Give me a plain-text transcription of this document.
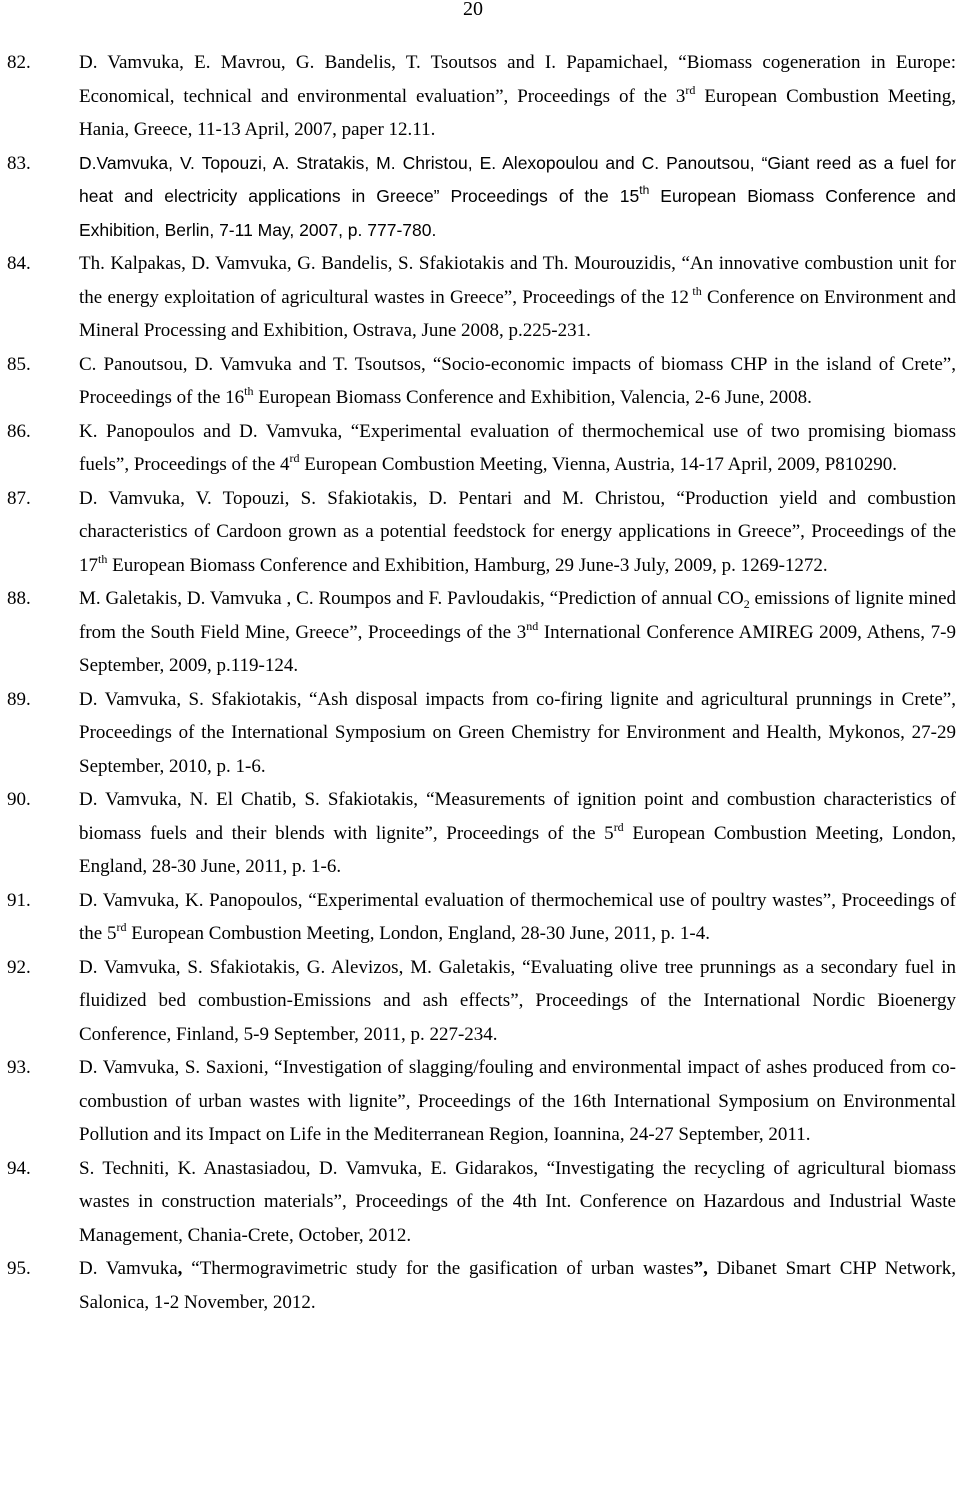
20
82.	D. Vamvuka, E. Mavrou, G. Bandelis, T. Tsoutsos and I. Papamichael, “Biomass cogeneration in Europe: Economical, technical and environmental evaluation”, Proceedings of the 3rd European Combustion Meeting, Hania, Greece, 11-13 April, 2007, paper 12.11.
83.	D.Vamvuka, V. Topouzi, A. Stratakis, M. Christou, E. Alexopoulou and C. Panoutsou, “Giant reed as a fuel for heat and electricity applications in Greece” Proceedings of the 15th European Biomass Conference and Exhibition, Berlin, 7-11 May, 2007, p. 777-780.
84.	Th. Kalpakas, D. Vamvuka, G. Bandelis, S. Sfakiotakis and Th. Mourouzidis, “An innovative combustion unit for the energy exploitation of agricultural wastes in Greece”, Proceedings of the 12 $^{th}$ Conference on Environment and Mineral Processing and Exhibition, Ostrava, June 2008, p.225-231.
85.	C. Panoutsou, D. Vamvuka and T. Tsoutsos, “Socio-economic impacts of biomass CHP in the island of Crete”, Proceedings of the 16th European Biomass Conference and Exhibition, Valencia, 2-6 June, 2008.
86.	K. Panopoulos and D. Vamvuka, “Experimental evaluation of thermochemical use of two promising biomass fuels”, Proceedings of the 4rd European Combustion Meeting, Vienna, Austria, 14-17 April, 2009, P810290.
87.	D. Vamvuka, V. Topouzi, S. Sfakiotakis, D. Pentari and M. Christou, “Production yield and combustion characteristics of Cardoon grown as a potential feedstock for energy applications in Greece”, Proceedings of the 17th European Biomass Conference and Exhibition, Hamburg, 29 June-3 July, 2009, p. 1269-1272.
88.	M. Galetakis, D. Vamvuka , C. Roumpos and F. Pavloudakis, “Prediction of annual $CO_2$ emissions of lignite mined from the South Field Mine, Greece”, Proceedings of the 3nd International Conference AMIREG 2009, Athens, 7-9 September, 2009, p.119-124.
89.	D. Vamvuka, S. Sfakiotakis, “Ash disposal impacts from co-firing lignite and agricultural prunnings in Crete”, Proceedings of the International Symposium on Green Chemistry for Environment and Health, Mykonos, 27-29 September, 2010, p. 1-6.
90.	D. Vamvuka, N. El Chatib, S. Sfakiotakis, “Measurements of ignition point and combustion characteristics of biomass fuels and their blends with lignite”, Proceedings of the 5rd European Combustion Meeting, London, England, 28-30 June, 2011, p. 1-6.
91.	D. Vamvuka, K. Panopoulos, “Experimental evaluation of thermochemical use of poultry wastes”, Proceedings of the 5rd European Combustion Meeting, London, England, 28-30 June, 2011, p. 1-4.
92.	D. Vamvuka, S. Sfakiotakis, G. Alevizos, M. Galetakis, “Evaluating olive tree prunnings as a secondary fuel in fluidized bed combustion-Emissions and ash effects”, Proceedings of the International Nordic Bioenergy Conference, Finland, 5-9 September, 2011, p. 227-234.
93.	D. Vamvuka, S. Saxioni, “Investigation of slagging/fouling and environmental impact of ashes produced from co-combustion of urban wastes with lignite”, Proceedings of the 16th International Symposium on Environmental Pollution and its Impact on Life in the Mediterranean Region, Ioannina, 24-27 September, 2011.
94.	S. Techniti, K. Anastasiadou, D. Vamvuka, E. Gidarakos, “Investigating the recycling of agricultural biomass wastes in construction materials”, Proceedings of the 4th Int. Conference on Hazardous and Industrial Waste Management, Chania-Crete, October, 2012.
95.	D. Vamvuka, “Thermogravimetric study for the gasification of urban wastes”, Dibanet Smart CHP Network, Salonica, 1-2 November, 2012.
